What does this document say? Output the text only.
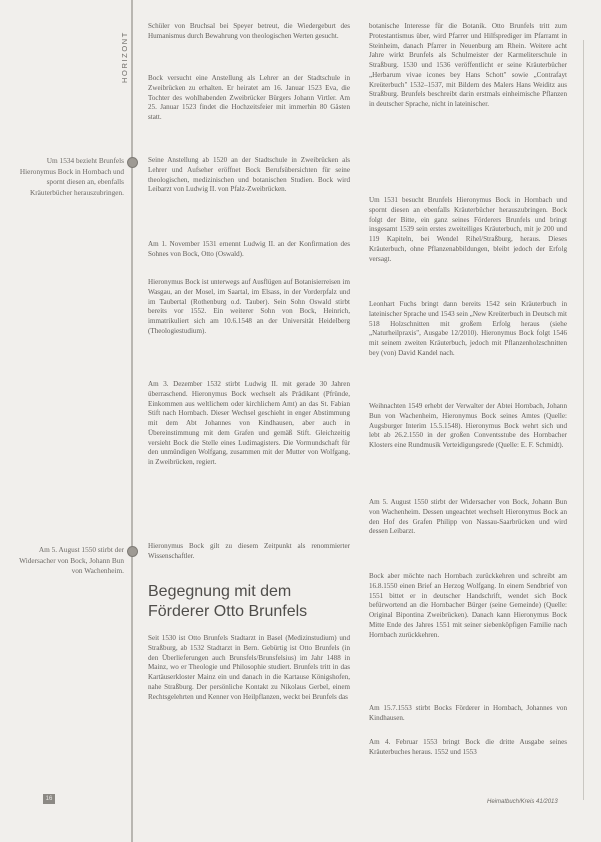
HORIZONT
Um 1534 bezieht Brunfels Hieronymus Bock in Hornbach und spornt diesen an, ebenfalls Kräuterbücher herauszubringen.
Am 5. August 1550 stirbt der Widersacher von Bock, Johann Bun von Wachenheim.
Schüler von Bruchsal bei Speyer betreut, die Wiedergeburt des Humanismus durch Bewahrung von theologischen Werten gesucht.
Bock versucht eine Anstellung als Lehrer an der Stadtschule in Zweibrücken zu erhalten. Er heiratet am 16. Januar 1523 Eva, die Tochter des wohlhabenden Zweibrücker Bürgers Johann Virtler. Am 25. Januar 1523 findet die Hochzeitsfeier mit immerhin 80 Gästen statt.
Seine Anstellung ab 1520 an der Stadtschule in Zweibrücken als Lehrer und Aufseher eröffnet Bock Berufsübersichten für seine theologischen, medizinischen und botanischen Studien. Bock wird Leibarzt von Ludwig II. von Pfalz-Zweibrücken.
Am 1. November 1531 ernennt Ludwig II. an der Konfirmation des Sohnes von Bock, Otto (Oswald).
Hieronymus Bock ist unterwegs auf Ausflügen auf Botanisierreisen im Wasgau, an der Mosel, im Saartal, im Elsass, in der Vorderpfalz und im Taubertal (Rothenburg o.d. Tauber). Sein Sohn Oswald stirbt bereits vor 1552. Ein weiterer Sohn von Bock, Heinrich, immatrikuliert sich am 10.6.1548 an der Universität Heidelberg (Theologiestudium).
Am 3. Dezember 1532 stirbt Ludwig II. mit gerade 30 Jahren überraschend. Hieronymus Bock wechselt als Prädikant (Pfründe, Einkommen aus weltlichem oder kirchlichem Amt) an das St. Fabian Stift nach Hornbach. Dieser Wechsel geschieht in enger Abstimmung mit dem Abt Johannes von Kindhausen, aber auch in Übereinstimmung mit dem Grafen und gemäß Stift. Gleichzeitig versieht Bock die Stelle eines Ludimagisters. Die Vormundschaft für den unmündigen Wolfgang, zusammen mit der Mutter von Wolfgang, in Zweibrücken, regiert.
Hieronymus Bock gilt zu diesem Zeitpunkt als renommierter Wissenschaftler.
Begegnung mit dem Förderer Otto Brunfels
Seit 1530 ist Otto Brunfels Stadtarzt in Basel (Medizinstudium) und Straßburg, ab 1532 Stadtarzt in Bern. Gebürtig ist Otto Brunfels (in den Überlieferungen auch Brunsfels/Brunsfelsius) im Jahr 1488 in Mainz, wo er Theologie und Philosophie studiert. Brunfels tritt in das Kartäuserkloster Mainz ein und danach in die Kartause Königshofen, nahe Straßburg. Der persönliche Kontakt zu Nikolaus Gerbel, einem Rechtsgelehrten und Kenner von Heilpflanzen, weckt bei Brunfels das
botanische Interesse für die Botanik. Otto Brunfels tritt zum Protestantismus über, wird Pfarrer und Hilfsprediger im Pfarramt in Steinheim, danach Pfarrer in Neuenburg am Rhein. Weitere acht Jahre wirkt Brunfels als Schulmeister der Karmeliterschule in Straßburg. 1530 und 1536 veröffentlicht er seine Kräuterbücher „Herbarum vivae icones bey Hans Schott" sowie „Contrafayt Kreüterbuch" 1532–1537, mit Bildern des Malers Hans Weiditz aus Straßburg. Brunfels beschreibt darin erstmals einheimische Pflanzen in deutscher Sprache, nicht in lateinischer.
Um 1531 besucht Brunfels Hieronymus Bock in Hornbach und spornt diesen an ebenfalls Kräuterbücher herauszubringen. Bock folgt der Bitte, ein ganz seines Förderers Brunfels und bringt insgesamt 1539 sein erstes zweiteiliges Kräuterbuch, mit je 200 und 119 Kapiteln, bei Wendel Rihel/Straßburg, heraus. Dieses Kräuterbuch, ohne Pflanzenabbildungen, bleibt jedoch der Erfolg versagt.
Leonhart Fuchs bringt dann bereits 1542 sein Kräuterbuch in lateinischer Sprache und 1543 sein „New Kreüterbuch in Deutsch mit 518 Holzschnitten mit großem Erfolg heraus (siehe „Naturheilpraxis", Ausgabe 12/2010). Hieronymus Bock folgt 1546 mit seinem zweiten Kräuterbuch, jedoch mit Pflanzenholzschnitten bey (von) David Kandel nach.
Weihnachten 1549 erhebt der Verwalter der Abtei Hornbach, Johann Bun von Wachenheim, Hieronymus Bock seines Amtes (Quelle: Augsburger Interim 15.5.1548). Hieronymus Bock wehrt sich und lebt ab 26.2.1550 in der großen Conventsstube des Hornbacher Klosters eine Rundmusik Verteidigungsrede (Quelle: E. F. Schmidt).
Am 5. August 1550 stirbt der Widersacher von Bock, Johann Bun von Wachenheim. Dessen ungeachtet wechselt Hieronymus Bock an den Hof des Grafen Philipp von Nassau-Saarbrücken und wird dessen Leibarzt.
Bock aber möchte nach Hornbach zurückkehren und schreibt am 16.8.1550 einen Brief an Herzog Wolfgang. In einem Sendbrief von 1551 bittet er in deutscher Handschrift, wendet sich Bock befürwortend an die Hornbacher Bürger (seine Gemeinde) (Quelle: Original Bipontina Zweibrücken). Danach kann Hieronymus Bock Mitte Ende des Jahres 1551 mit seiner siebenköpfigen Familie nach Hornbach zurückkehren.
Am 15.7.1553 stirbt Bocks Förderer in Hornbach, Johannes von Kindhausen.
Am 4. Februar 1553 bringt Bock die dritte Ausgabe seines Kräuterbuches heraus. 1552 und 1553
16	Heimatbuch/Kreis 41/2013
